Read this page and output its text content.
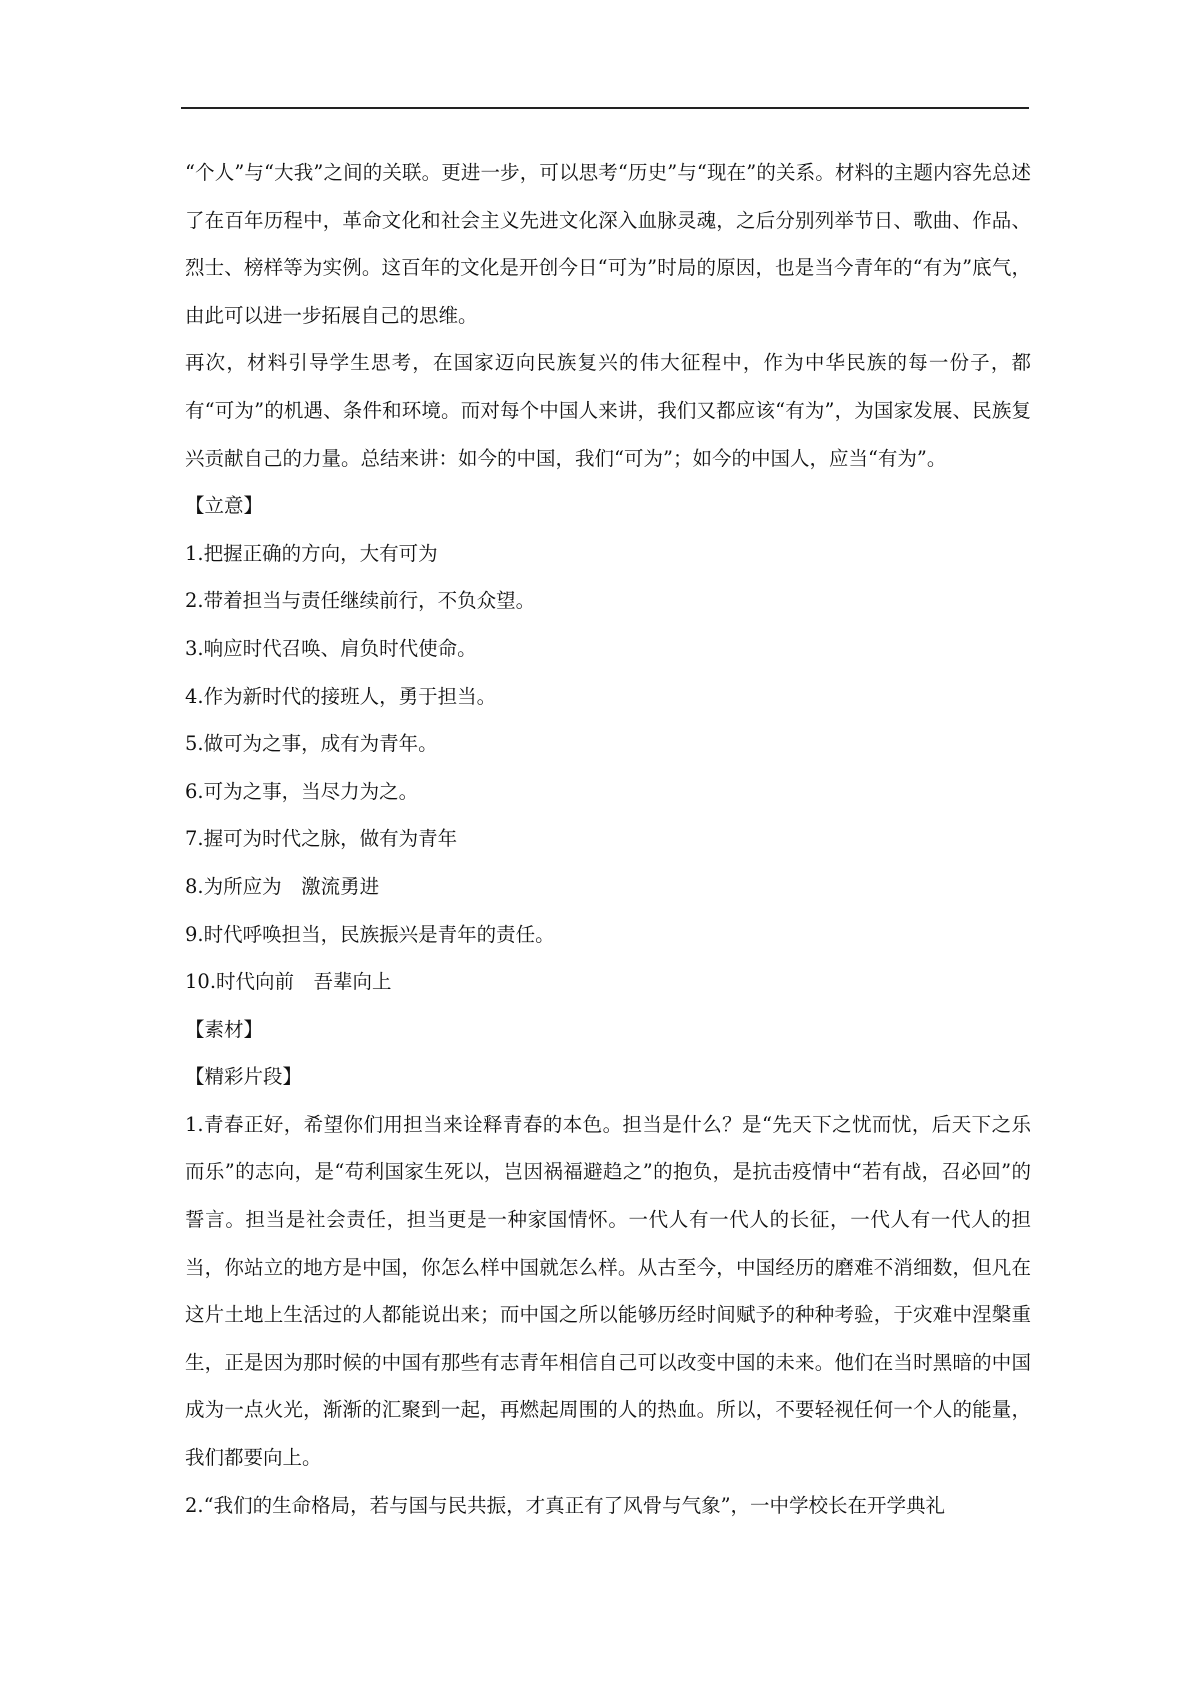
“个人”与“大我”之间的关联。更进一步，可以思考“历史”与“现在”的关系。材料的主题内容先总述了在百年历程中，革命文化和社会主义先进文化深入血脉灵魂，之后分别列举节日、歌曲、作品、烈士、榜样等为实例。这百年的文化是开创今日“可为”时局的原因，也是当今青年的“有为”底气，由此可以进一步拓展自己的思维。

再次，材料引导学生思考，在国家迈向民族复兴的伟大征程中，作为中华民族的每一份子，都有“可为”的机遇、条件和环境。而对每个中国人来讲，我们又都应该“有为”，为国家发展、民族复兴贡献自己的力量。总结来讲：如今的中国，我们“可为”；如今的中国人，应当“有为”。

【立意】

1.把握正确的方向，大有可为

2.带着担当与责任继续前行，不负众望。

3.响应时代召唤、肩负时代使命。

4.作为新时代的接班人，勇于担当。

5.做可为之事，成有为青年。

6.可为之事，当尽力为之。

7.握可为时代之脉，做有为青年

8.为所应为　激流勇进

9.时代呼唤担当，民族振兴是青年的责任。

10.时代向前　吾辈向上

【素材】

【精彩片段】

1.青春正好，希望你们用担当来诠释青春的本色。担当是什么？是“先天下之忧而忧，后天下之乐而乐”的志向，是“苟利国家生死以，岂因祸福避趋之”的抱负，是抗击疫情中“若有战，召必回”的誓言。担当是社会责任，担当更是一种家国情怀。一代人有一代人的长征，一代人有一代人的担当，你站立的地方是中国，你怎么样中国就怎么样。从古至今，中国经历的磨难不消细数，但凡在这片土地上生活过的人都能说出来；而中国之所以能够历经时间赋予的种种考验，于灾难中涅槃重生，正是因为那时候的中国有那些有志青年相信自己可以改变中国的未来。他们在当时黑暗的中国成为一点火光，渐渐的汇聚到一起，再燃起周围的人的热血。所以，不要轻视任何一个人的能量，我们都要向上。

2.“我们的生命格局，若与国与民共振，才真正有了风骨与气象”，一中学校长在开学典礼
